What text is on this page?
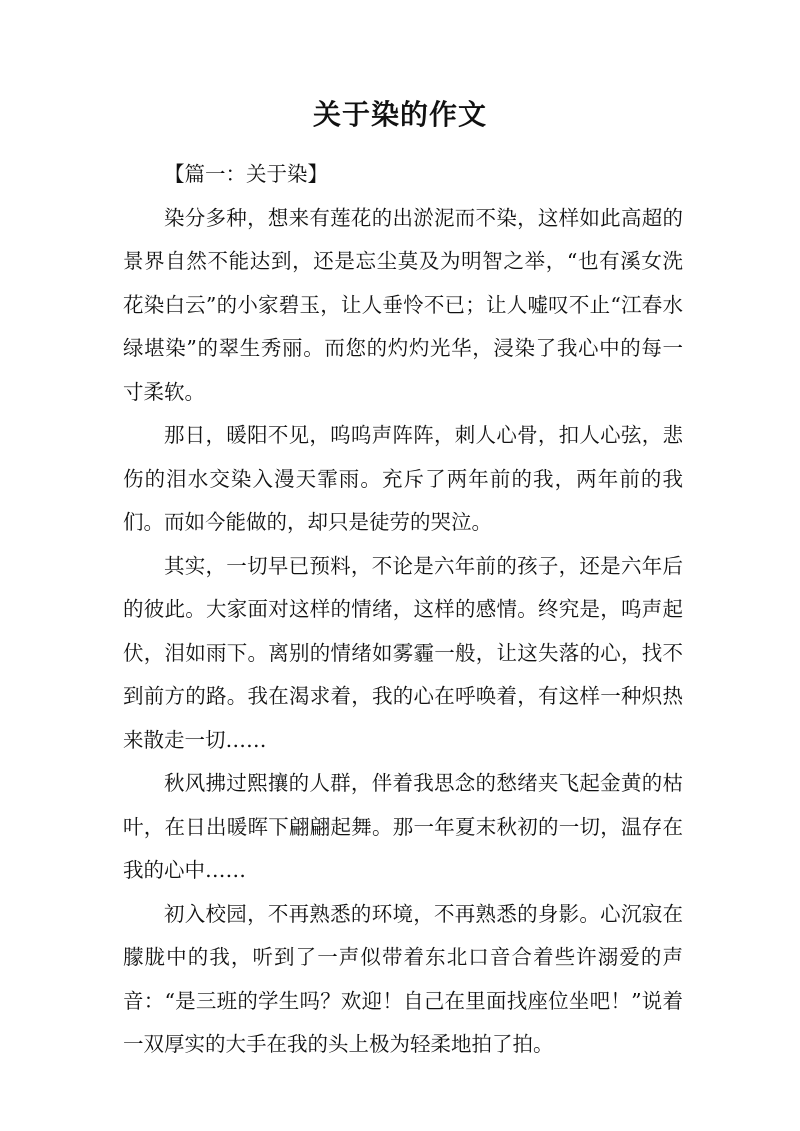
关于染的作文

【篇一：关于染】

染分多种，想来有莲花的出淤泥而不染，这样如此高超的景界自然不能达到，还是忘尘莫及为明智之举，“也有溪女洗花染白云”的小家碧玉，让人垂怜不已；让人嘘叹不止“江春水绿堪染”的翠生秀丽。而您的灼灼光华，浸染了我心中的每一寸柔软。

那日，暖阳不见，呜呜声阵阵，刺人心骨，扣人心弦，悲伤的泪水交染入漫天霏雨。充斥了两年前的我，两年前的我们。而如今能做的，却只是徒劳的哭泣。

其实，一切早已预料，不论是六年前的孩子，还是六年后的彼此。大家面对这样的情绪，这样的感情。终究是，呜声起伏，泪如雨下。离别的情绪如雾霾一般，让这失落的心，找不到前方的路。我在渴求着，我的心在呼唤着，有这样一种炽热来散走一切……

秋风拂过熙攘的人群，伴着我思念的愁绪夹飞起金黄的枯叶，在日出暖晖下翩翩起舞。那一年夏末秋初的一切，温存在我的心中……

初入校园，不再熟悉的环境，不再熟悉的身影。心沉寂在朦胧中的我，听到了一声似带着东北口音合着些许溺爱的声音：“是三班的学生吗？欢迎！自己在里面找座位坐吧！”说着一双厚实的大手在我的头上极为轻柔地拍了拍。
